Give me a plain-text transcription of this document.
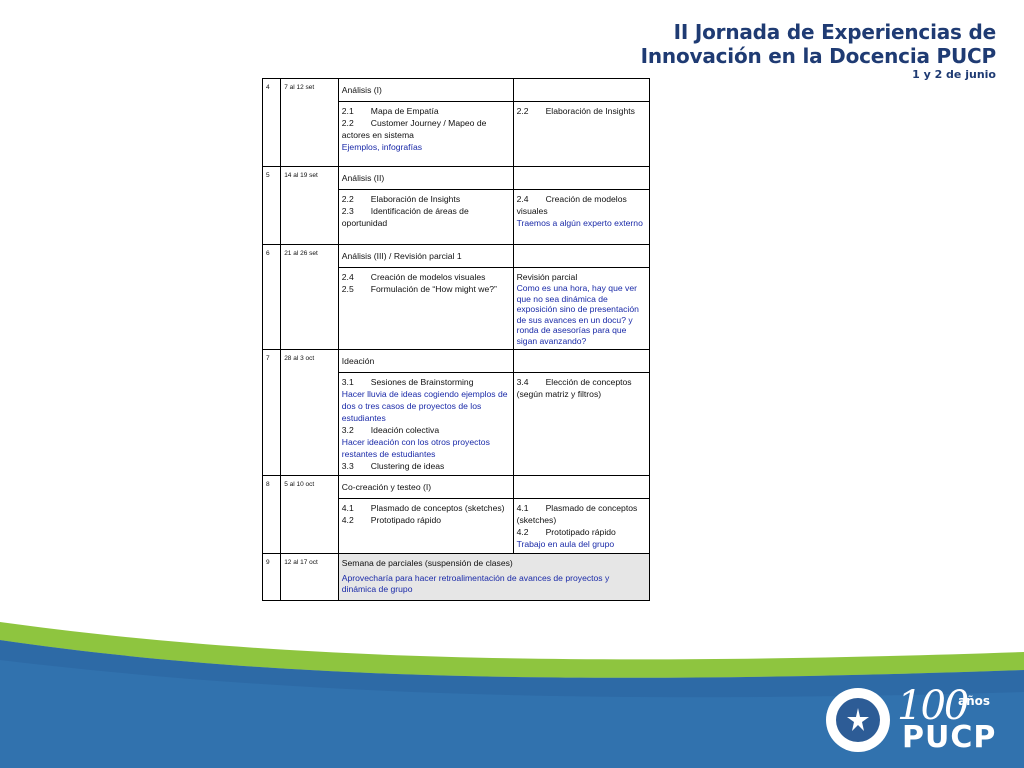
II Jornada de Experiencias de
Innovación en la Docencia PUCP
1 y 2 de junio
4	7 al 12 set	Análisis (I)	

		2.1 Mapa de Empatía
2.2 Customer Journey / Mapeo de actores en sistema
Ejemplos, infografías	2.2 Elaboración de Insights

5	14 al 19 set	Análisis (II)	

		2.2 Elaboración de Insights
2.3 Identificación de áreas de oportunidad	2.4 Creación de modelos visuales
Traemos a algún experto externo

6	21 al 26 set	Análisis (III) / Revisión parcial 1	

		2.4 Creación de modelos visuales
2.5 Formulación de “How might we?”	Revisión parcial
Como es una hora, hay que ver que no sea dinámica de exposición sino de presentación de sus avances en un docu? y ronda de asesorías para que sigan avanzando?

7	28 al 3 oct	Ideación	

		3.1 Sesiones de Brainstorming
Hacer lluvia de ideas cogiendo ejemplos de dos o tres casos de proyectos de los estudiantes
3.2 Ideación colectiva
Hacer ideación con los otros proyectos restantes de estudiantes
3.3 Clustering de ideas	3.4 Elección de conceptos (según matriz y filtros)

8	5 al 10 oct	Co-creación y testeo (I)	

		4.1 Plasmado de conceptos (sketches)
4.2 Prototipado rápido	4.1 Plasmado de conceptos (sketches)
4.2 Prototipado rápido
Trabajo en aula del grupo

9	12 al 17 oct	Semana de parciales (suspensión de clases)
Aprovecharía para hacer retroalimentación de avances de proyectos y dinámica de grupo	
100
años
PUCP
